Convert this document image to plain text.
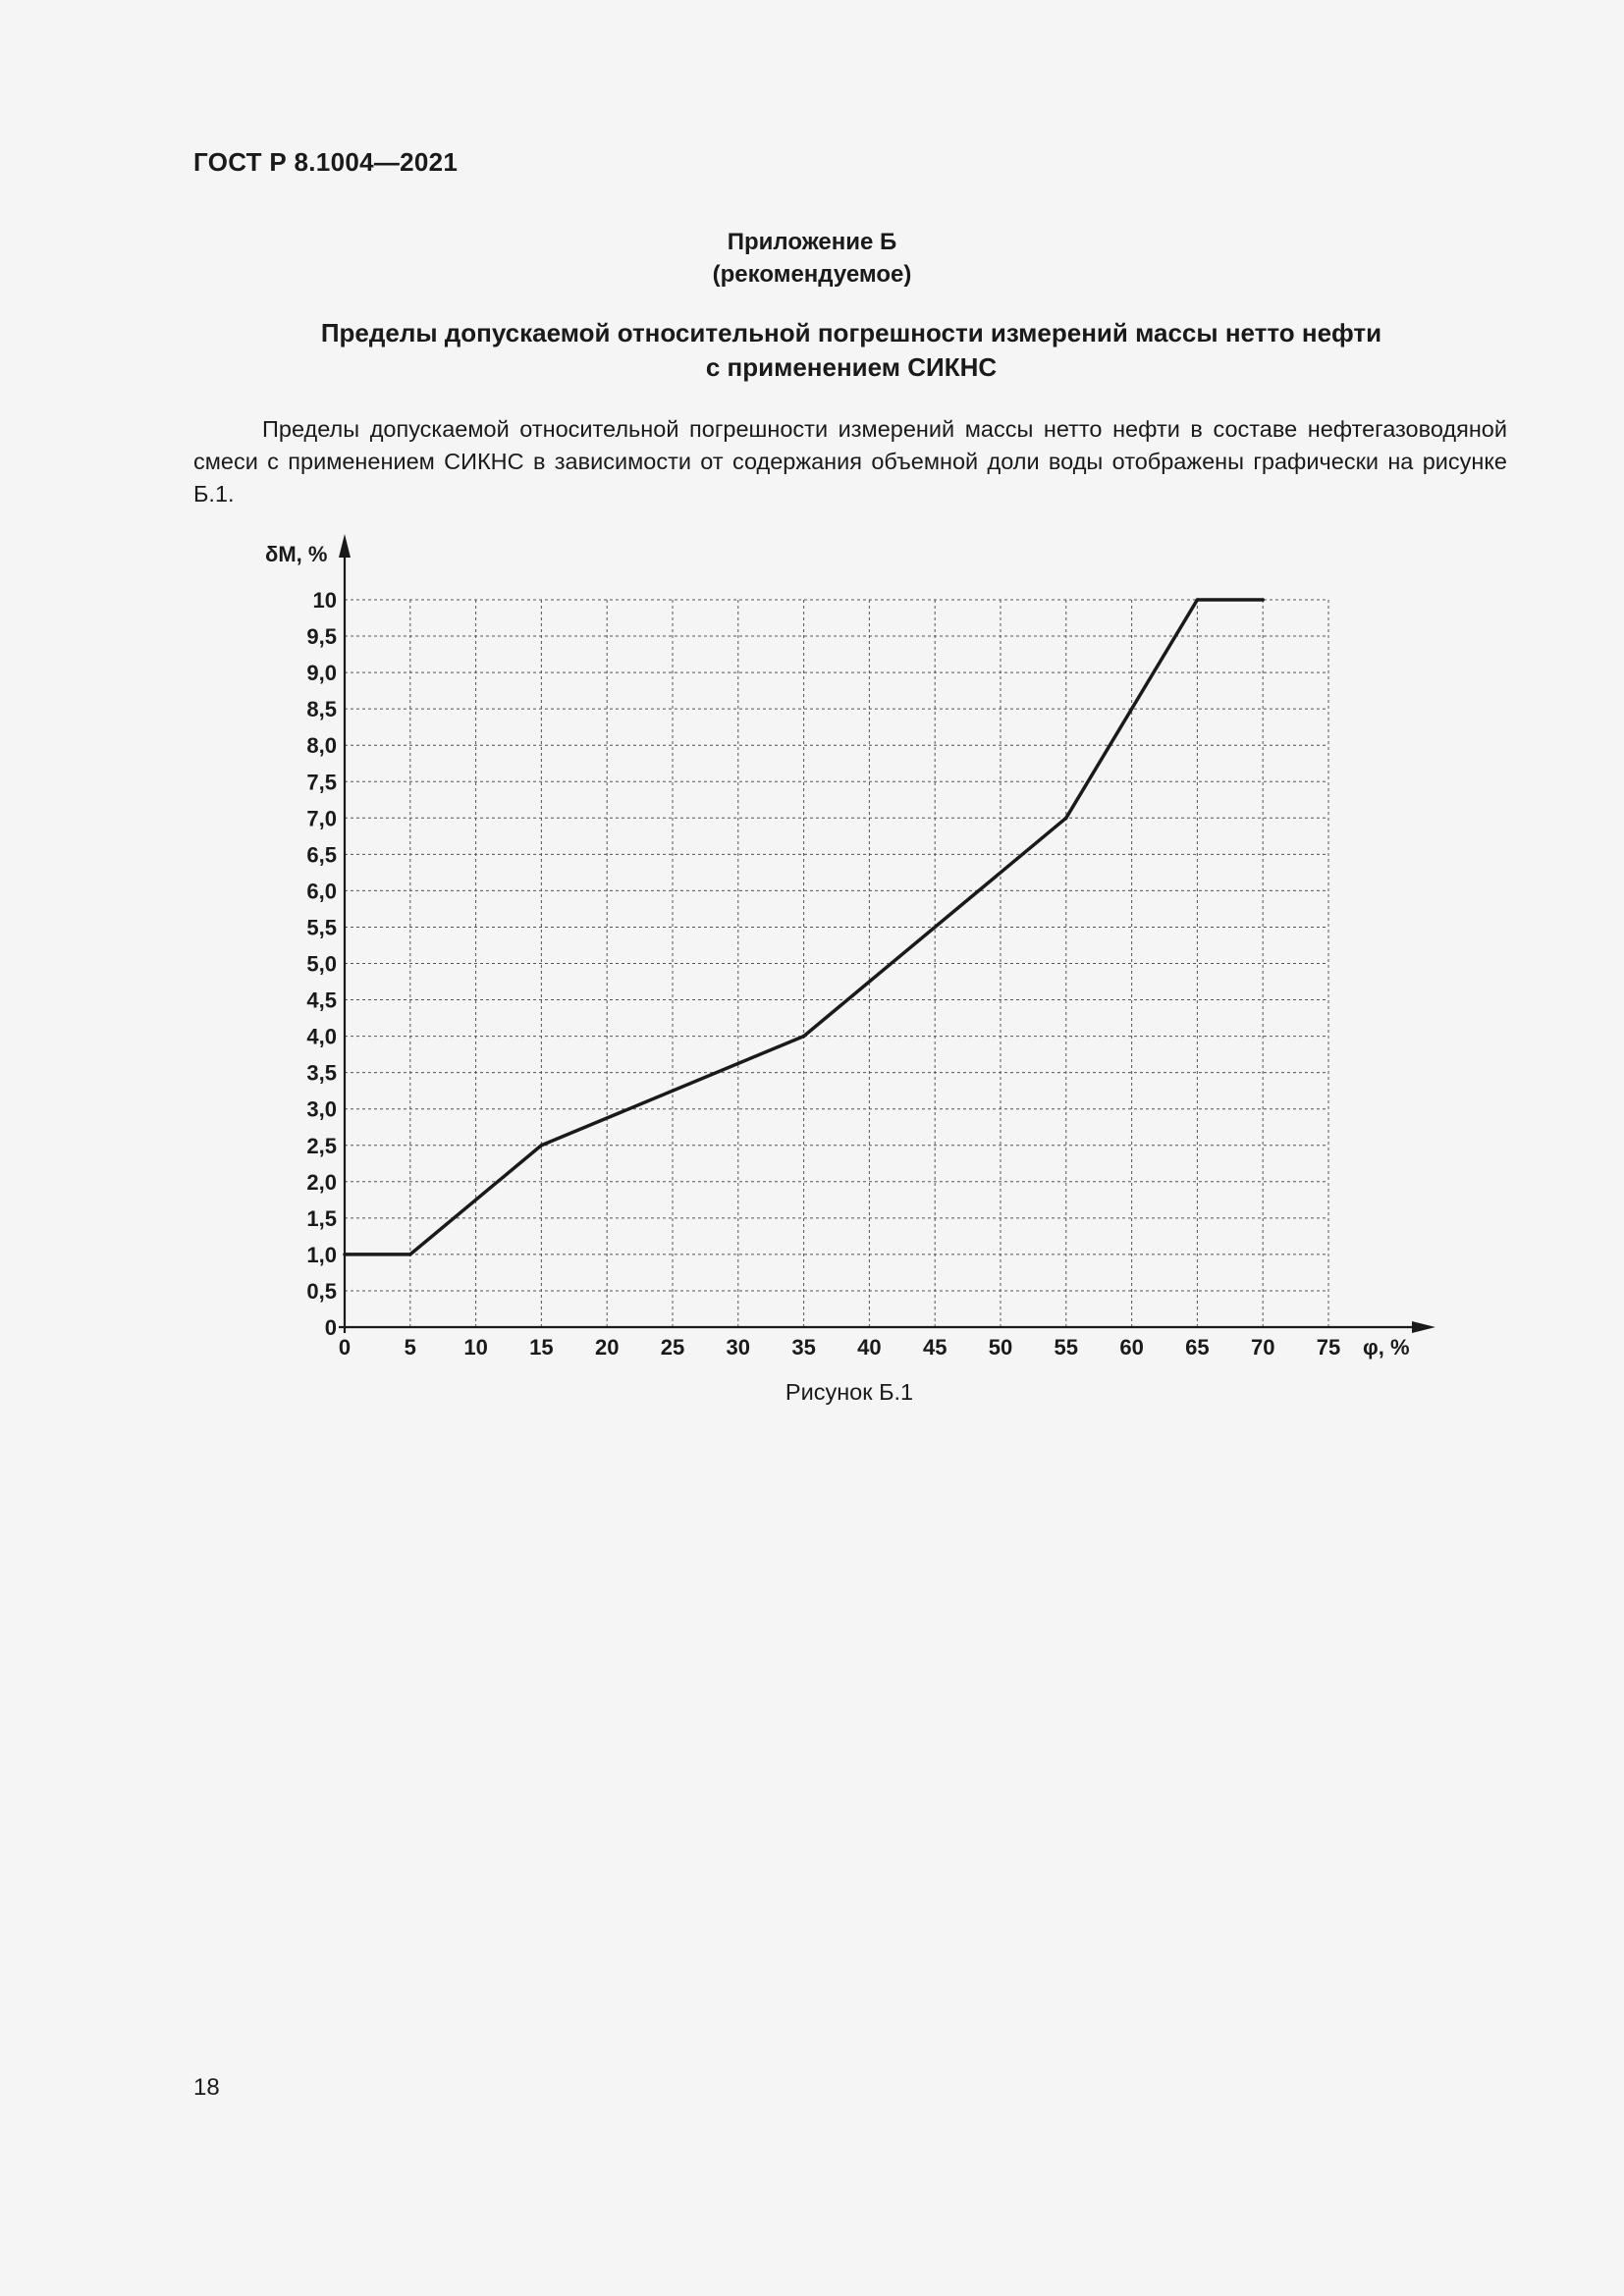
ГОСТ Р 8.1004—2021
Приложение Б
(рекомендуемое)
Пределы допускаемой относительной погрешности измерений массы нетто нефти
с применением СИКНС
Пределы допускаемой относительной погрешности измерений массы нетто нефти в составе нефтегазоводяной смеси с применением СИКНС в зависимости от содержания объемной доли воды отображены графически на рисунке Б.1.
0
0,5
1,0
1,5
2,0
2,5
3,0
3,5
4,0
4,5
5,0
5,5
6,0
6,5
7,0
7,5
8,0
8,5
9,0
9,5
10
0 5 10 15 20 25 30 35 40 45 50 55 60 65 70 75
δM, %
φ, %
Рисунок Б.1
18
